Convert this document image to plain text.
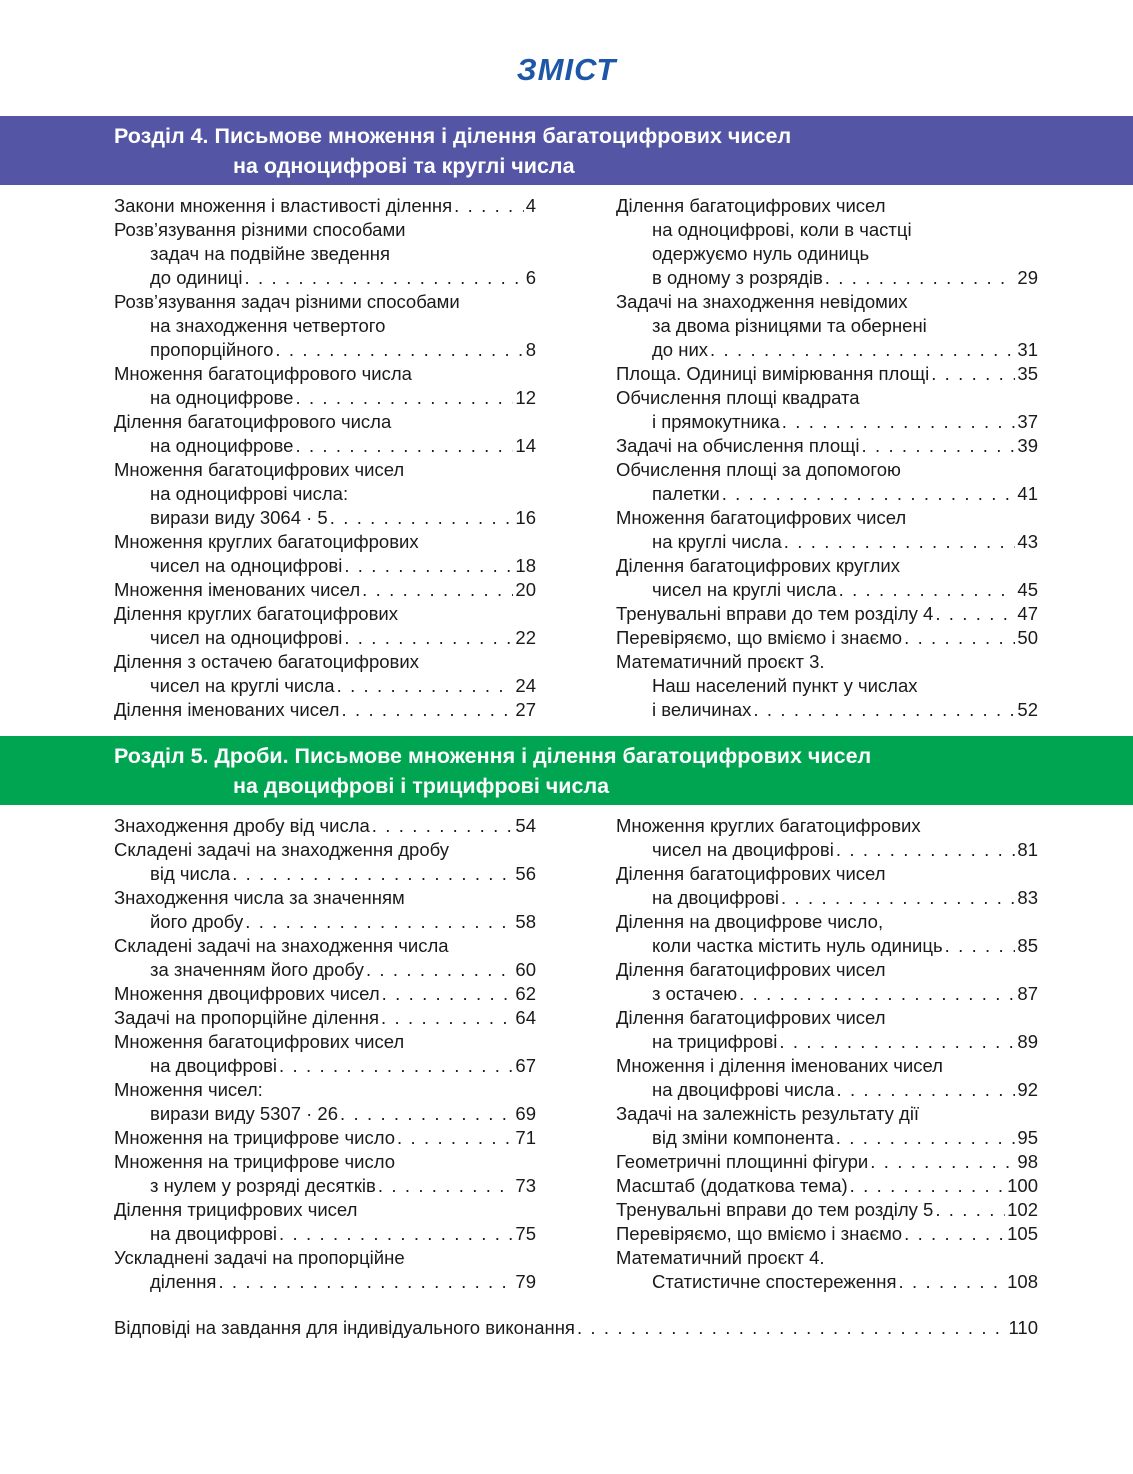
ЗМІСТ
Розділ 4. Письмове множення і ділення багатоцифрових чисел
на одноцифрові та круглі числа
Закони множення і властивості ділення . . .	4
Розв’язування різними способами
задач на подвійне зведення
до одиниці . . .	6
Розв’язування задач різними способами
на знаходження четвертого
пропорційного . . .	8
Множення багатоцифрового числа
на одноцифрове . . .	12
Ділення багатоцифрового числа
на одноцифрове . . .	14
Множення багатоцифрових чисел
на одноцифрові числа:
вирази виду 3064 · 5 . . .	16
Множення круглих багатоцифрових
чисел на одноцифрові . . .	18
Множення іменованих чисел . . .	20
Ділення круглих багатоцифрових
чисел на одноцифрові . . .	22
Ділення з остачею багатоцифрових
чисел на круглі числа . . .	24
Ділення іменованих чисел . . .	27
Ділення багатоцифрових чисел
на одноцифрові, коли в частці
одержуємо нуль одиниць
в одному з розрядів . . .	29
Задачі на знаходження невідомих
за двома різницями та обернені
до них . . .	31
Площа. Одиниці вимірювання площі . . .	35
Обчислення площі квадрата
і прямокутника . . .	37
Задачі на обчислення площі . . .	39
Обчислення площі за допомогою
палетки . . .	41
Множення багатоцифрових чисел
на круглі числа . . .	43
Ділення багатоцифрових круглих
чисел на круглі числа . . .	45
Тренувальні вправи до тем розділу 4 . . .	47
Перевіряємо, що вміємо і знаємо . . .	50
Математичний проєкт 3.
Наш населений пункт у числах
і величинах . . .	52
Розділ 5. Дроби. Письмове множення і ділення багатоцифрових чисел
на двоцифрові і трицифрові числа
Знаходження дробу від числа . . .	54
Складені задачі на знаходження дробу
від числа . . .	56
Знаходження числа за значенням
його дробу . . .	58
Складені задачі на знаходження числа
за значенням його дробу . . .	60
Множення двоцифрових чисел . . .	62
Задачі на пропорційне ділення . . .	64
Множення багатоцифрових чисел
на двоцифрові . . .	67
Множення чисел:
вирази виду 5307 · 26 . . .	69
Множення на трицифрове число . . .	71
Множення на трицифрове число
з нулем у розряді десятків . . .	73
Ділення трицифрових чисел
на двоцифрові . . .	75
Ускладнені задачі на пропорційне
ділення . . .	79
Множення круглих багатоцифрових
чисел на двоцифрові . . .	81
Ділення багатоцифрових чисел
на двоцифрові . . .	83
Ділення на двоцифрове число,
коли частка містить нуль одиниць . . .	85
Ділення багатоцифрових чисел
з остачею . . .	87
Ділення багатоцифрових чисел
на трицифрові . . .	89
Множення і ділення іменованих чисел
на двоцифрові числа . . .	92
Задачі на залежність результату дії
від зміни компонента . . .	95
Геометричні площинні фігури . . .	98
Масштаб (додаткова тема) . . .	100
Тренувальні вправи до тем розділу 5 . . .	102
Перевіряємо, що вміємо і знаємо . . .	105
Математичний проєкт 4.
Статистичне спостереження . . .	108
Відповіді на завдання для індивідуального виконання . . .	110
